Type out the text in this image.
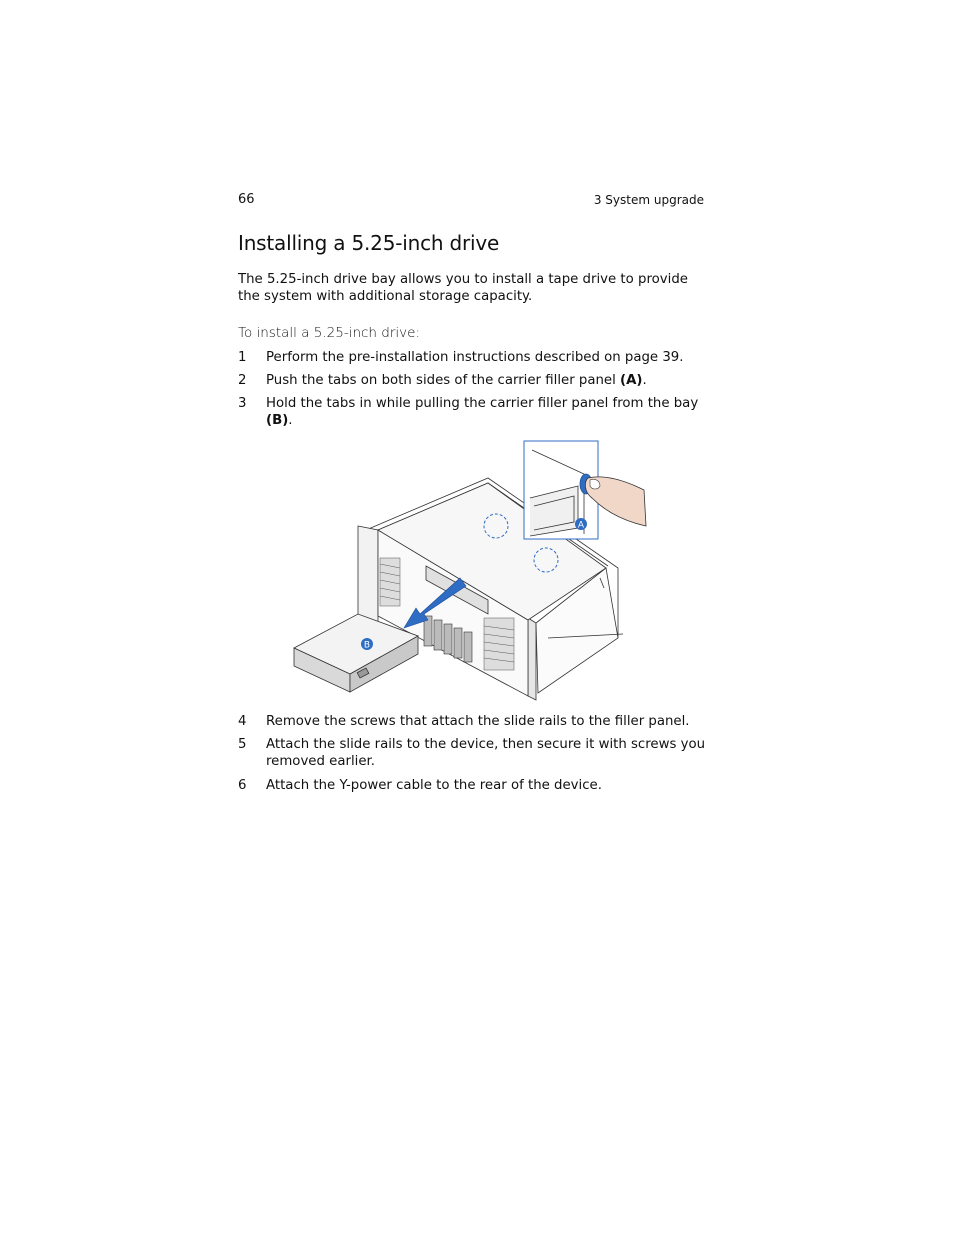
66	3 System upgrade
Installing a 5.25-inch drive

The 5.25-inch drive bay allows you to install a tape drive to provide the system with additional storage capacity.

To install a 5.25-inch drive:

1 Perform the pre-installation instructions described on page 39.
2 Push the tabs on both sides of the carrier filler panel (A).
3 Hold the tabs in while pulling the carrier filler panel from the bay (B).
A
B
4 Remove the screws that attach the slide rails to the filler panel.
5 Attach the slide rails to the device, then secure it with screws you removed earlier.
6 Attach the Y-power cable to the rear of the device.
